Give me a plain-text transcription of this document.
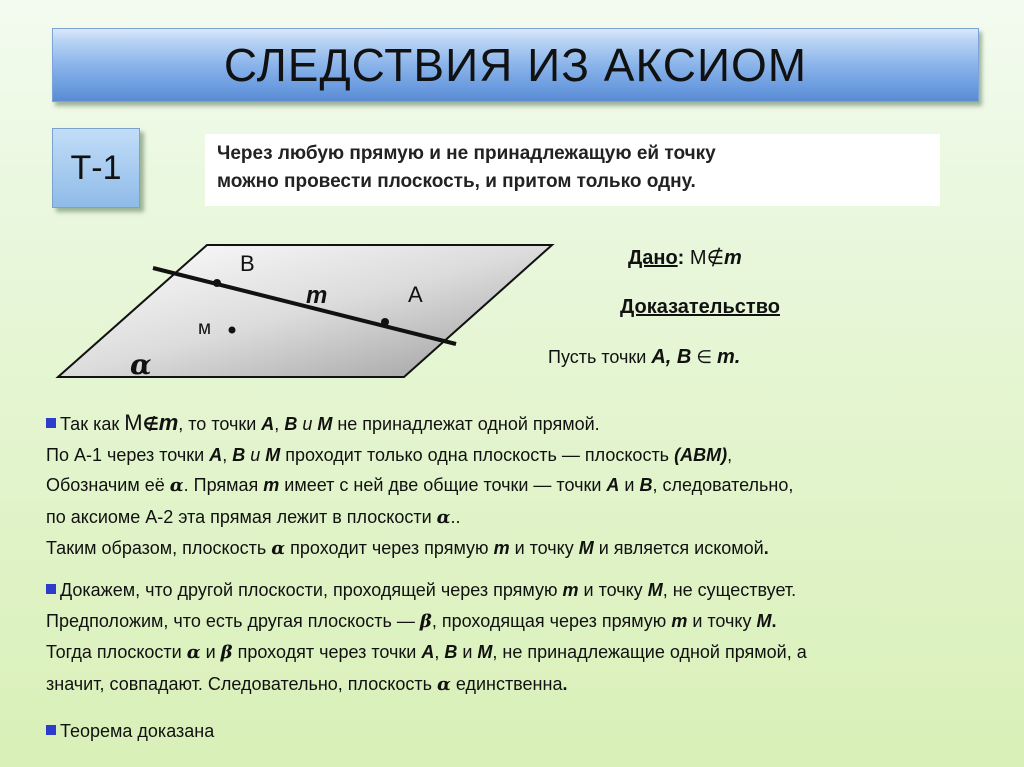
СЛЕДСТВИЯ ИЗ АКСИОМ
Т-1	Через любую прямую и не принадлежащую ей точку
можно провести плоскость, и притом только одну.
B
A
m
м
α
Дано: M∉m
Доказательство
Пусть точки A, B ∈ m.
Так как M∉m, то точки A, B и M не принадлежат одной прямой.
По А-1 через точки A, B и M проходит только одна плоскость — плоскость (АВМ),
Обозначим её α. Прямая m имеет с ней две общие точки — точки A и B, следовательно,
по аксиоме А-2 эта прямая лежит в плоскости α..
Таким образом, плоскость α проходит через прямую m и точку M и является искомой.
Докажем, что другой плоскости, проходящей через прямую m и точку M, не существует.
Предположим, что есть другая плоскость — β, проходящая через прямую m и точку M.
Тогда плоскости α и β проходят через точки A, B и M, не принадлежащие одной прямой, а
значит, совпадают. Следовательно, плоскость α единственна.
Теорема доказана
